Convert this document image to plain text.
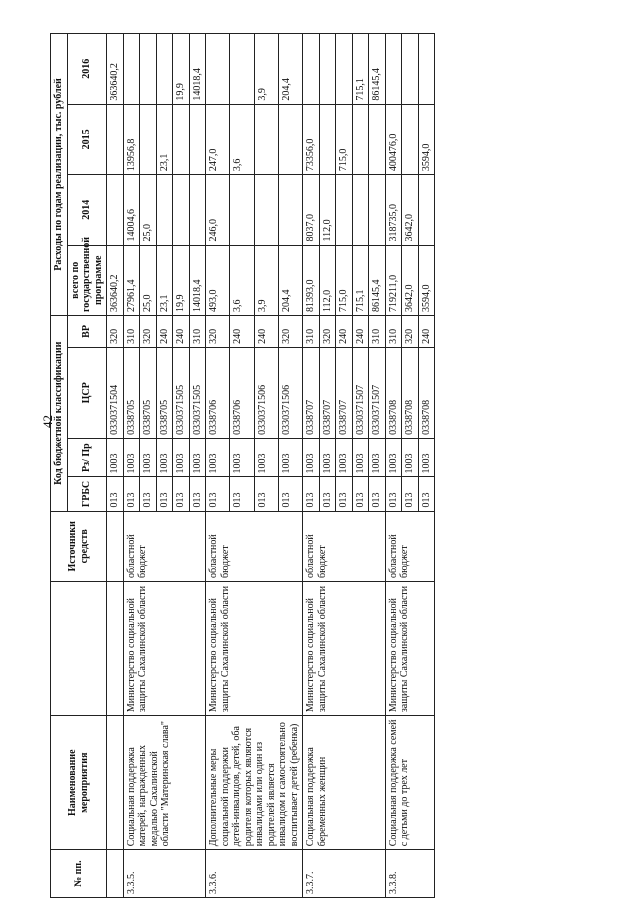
42
№ пп.	Наименование мероприятия		Источники средств	Код бюджетной классификации				Расходы по годам реализации, тыс. рублей			
				ГРБС	Рз/ Пр	ЦСР	ВР	всего по государственной программе	2014	2015	2016
				013	1003	0330371504	320	363640,2			363640,2
3.3.5.	Социальная поддержка матерей, награжденных медалью Сахалинской области "Материнская слава"	Министерство социальной защиты Сахалинской области	областной бюджет	013	1003	0338705	310	27961,4	14004,6	13956,8	
				013	1003	0338705	320	25,0	25,0		
				013	1003	0338705	240	23,1		23,1	
				013	1003	0330371505	240	19,9			19,9
				013	1003	0330371505	310	14018,4			14018,4
3.3.6.	Дополнительные меры социальной поддержки детей-инвалидов, детей, оба родителя которых являются инвалидами или один из родителей является инвалидом и самостоятельно воспитывает детей (ребенка)	Министерство социальной защиты Сахалинской области	областной бюджет	013	1003	0338706	320	493,0	246,0	247,0	
				013	1003	0338706	240	3,6		3,6	
				013	1003	0330371506	240	3,9			3,9
				013	1003	0330371506	320	204,4			204,4
3.3.7.	Социальная поддержка беременных женщин	Министерство социальной защиты Сахалинской области	областной бюджет	013	1003	0338707	310	81393,0	8037,0	73356,0	
				013	1003	0338707	320	112,0	112,0		
				013	1003	0338707	240	715,0		715,0	
				013	1003	0330371507	240	715,1			715,1
				013	1003	0330371507	310	86145,4			86145,4
3.3.8.	Социальная поддержка семей с детьми до трех лет	Министерство социальной защиты Сахалинской области	областной бюджет	013	1003	0338708	310	719211,0	318735,0	400476,0	
				013	1003	0338708	320	3642,0	3642,0		
				013	1003	0338708	240	3594,0		3594,0	
